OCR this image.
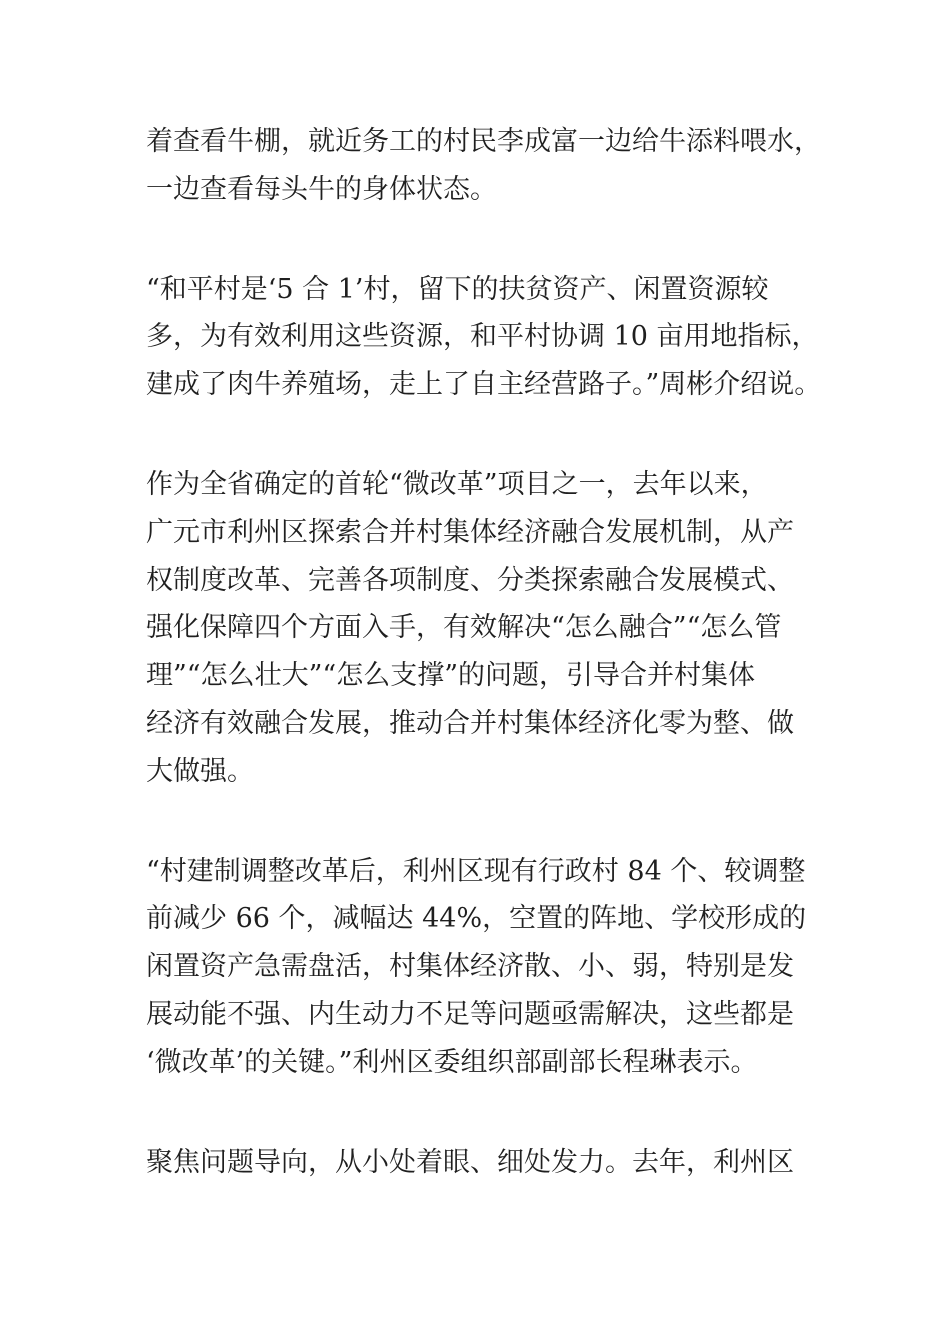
着查看牛棚，就近务工的村民李成富一边给牛添料喂水，
一边查看每头牛的身体状态。

“和平村是‘5 合 1’村，留下的扶贫资产、闲置资源较
多，为有效利用这些资源，和平村协调 10 亩用地指标，
建成了肉牛养殖场，走上了自主经营路子。”周彬介绍说。

作为全省确定的首轮“微改革”项目之一，去年以来，
广元市利州区探索合并村集体经济融合发展机制，从产
权制度改革、完善各项制度、分类探索融合发展模式、
强化保障四个方面入手，有效解决“怎么融合”“怎么管
理”“怎么壮大”“怎么支撑”的问题，引导合并村集体
经济有效融合发展，推动合并村集体经济化零为整、做
大做强。

“村建制调整改革后，利州区现有行政村 84 个、较调整
前减少 66 个，减幅达 44%，空置的阵地、学校形成的
闲置资产急需盘活，村集体经济散、小、弱，特别是发
展动能不强、内生动力不足等问题亟需解决，这些都是
‘微改革’的关键。”利州区委组织部副部长程琳表示。

聚焦问题导向，从小处着眼、细处发力。去年，利州区
